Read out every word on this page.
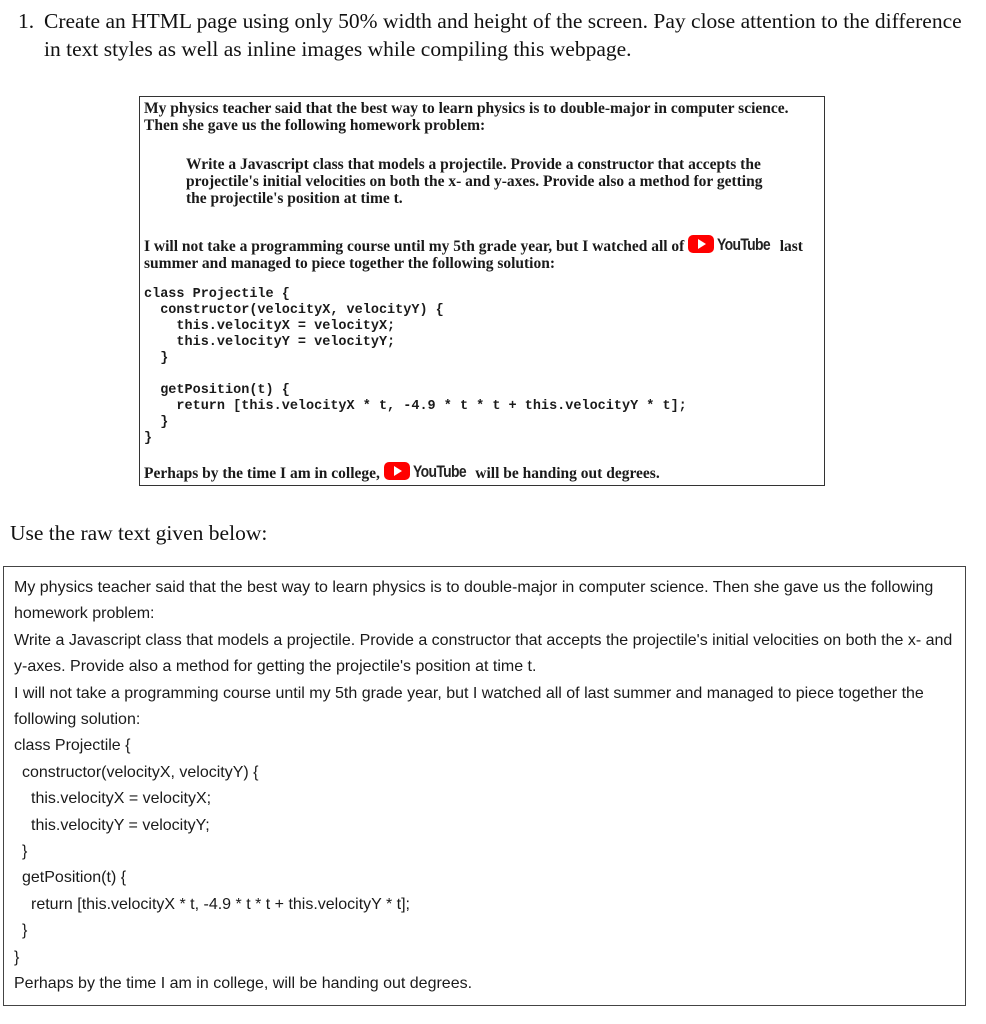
1. Create an HTML page using only 50% width and height of the screen. Pay close attention to the difference in text styles as well as inline images while compiling this webpage.
My physics teacher said that the best way to learn physics is to double-major in computer science. Then she gave us the following homework problem:
Write a Javascript class that models a projectile. Provide a constructor that accepts the projectile's initial velocities on both the x- and y-axes. Provide also a method for getting the projectile's position at time t.
I will not take a programming course until my 5th grade year, but I watched all of YouTube last summer and managed to piece together the following solution:
class Projectile {
constructor(velocityX, velocityY) {
this.velocityX = velocityX;
this.velocityY = velocityY;
}

getPosition(t) {
return [this.velocityX * t, -4.9 * t * t + this.velocityY * t];
}
}
Perhaps by the time I am in college, YouTube will be handing out degrees.
Use the raw text given below:

My physics teacher said that the best way to learn physics is to double-major in computer science. Then she gave us the following homework problem:

Write a Javascript class that models a projectile. Provide a constructor that accepts the projectile's initial velocities on both the x- and y-axes. Provide also a method for getting the projectile's position at time t.

I will not take a programming course until my 5th grade year, but I watched all of last summer and managed to piece together the following solution:

class Projectile {

constructor(velocityX, velocityY) {

this.velocityX = velocityX;

this.velocityY = velocityY;

}

getPosition(t) {

return [this.velocityX * t, -4.9 * t * t + this.velocityY * t];

}

}

Perhaps by the time I am in college, will be handing out degrees.
